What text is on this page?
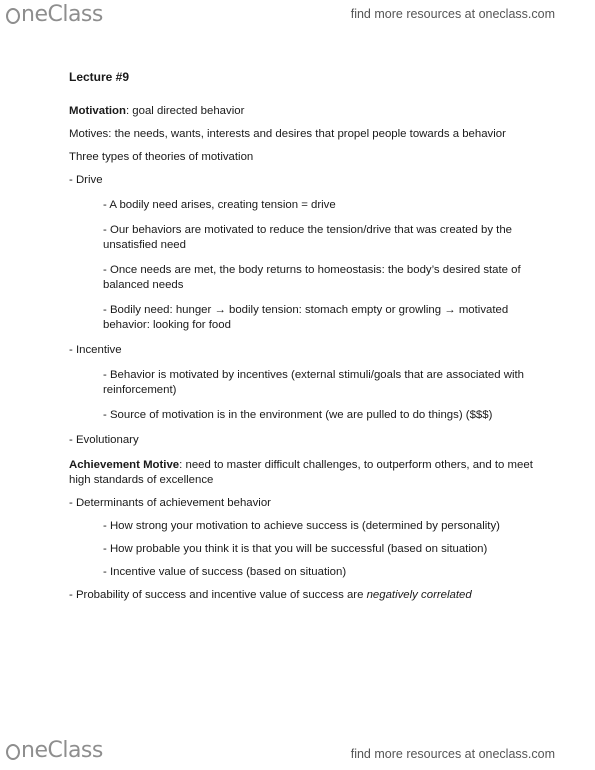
neClass	find more resources at oneclass.com

Lecture #9

Motivation: goal directed behavior

Motives: the needs, wants, interests and desires that propel people towards a behavior

Three types of theories of motivation

- Drive

- A bodily need arises, creating tension = drive

- Our behaviors are motivated to reduce the tension/drive that was created by the unsatisfied need

- Once needs are met, the body returns to homeostasis: the body’s desired state of balanced needs

- Bodily need: hunger → bodily tension: stomach empty or growling → motivated behavior: looking for food

- Incentive

- Behavior is motivated by incentives (external stimuli/goals that are associated with reinforcement)

- Source of motivation is in the environment (we are pulled to do things) ($$$)

- Evolutionary

Achievement Motive: need to master difficult challenges, to outperform others, and to meet high standards of excellence

- Determinants of achievement behavior

- How strong your motivation to achieve success is (determined by personality)

- How probable you think it is that you will be successful (based on situation)

- Incentive value of success (based on situation)

- Probability of success and incentive value of success are negatively correlated

neClass	find more resources at oneclass.com
